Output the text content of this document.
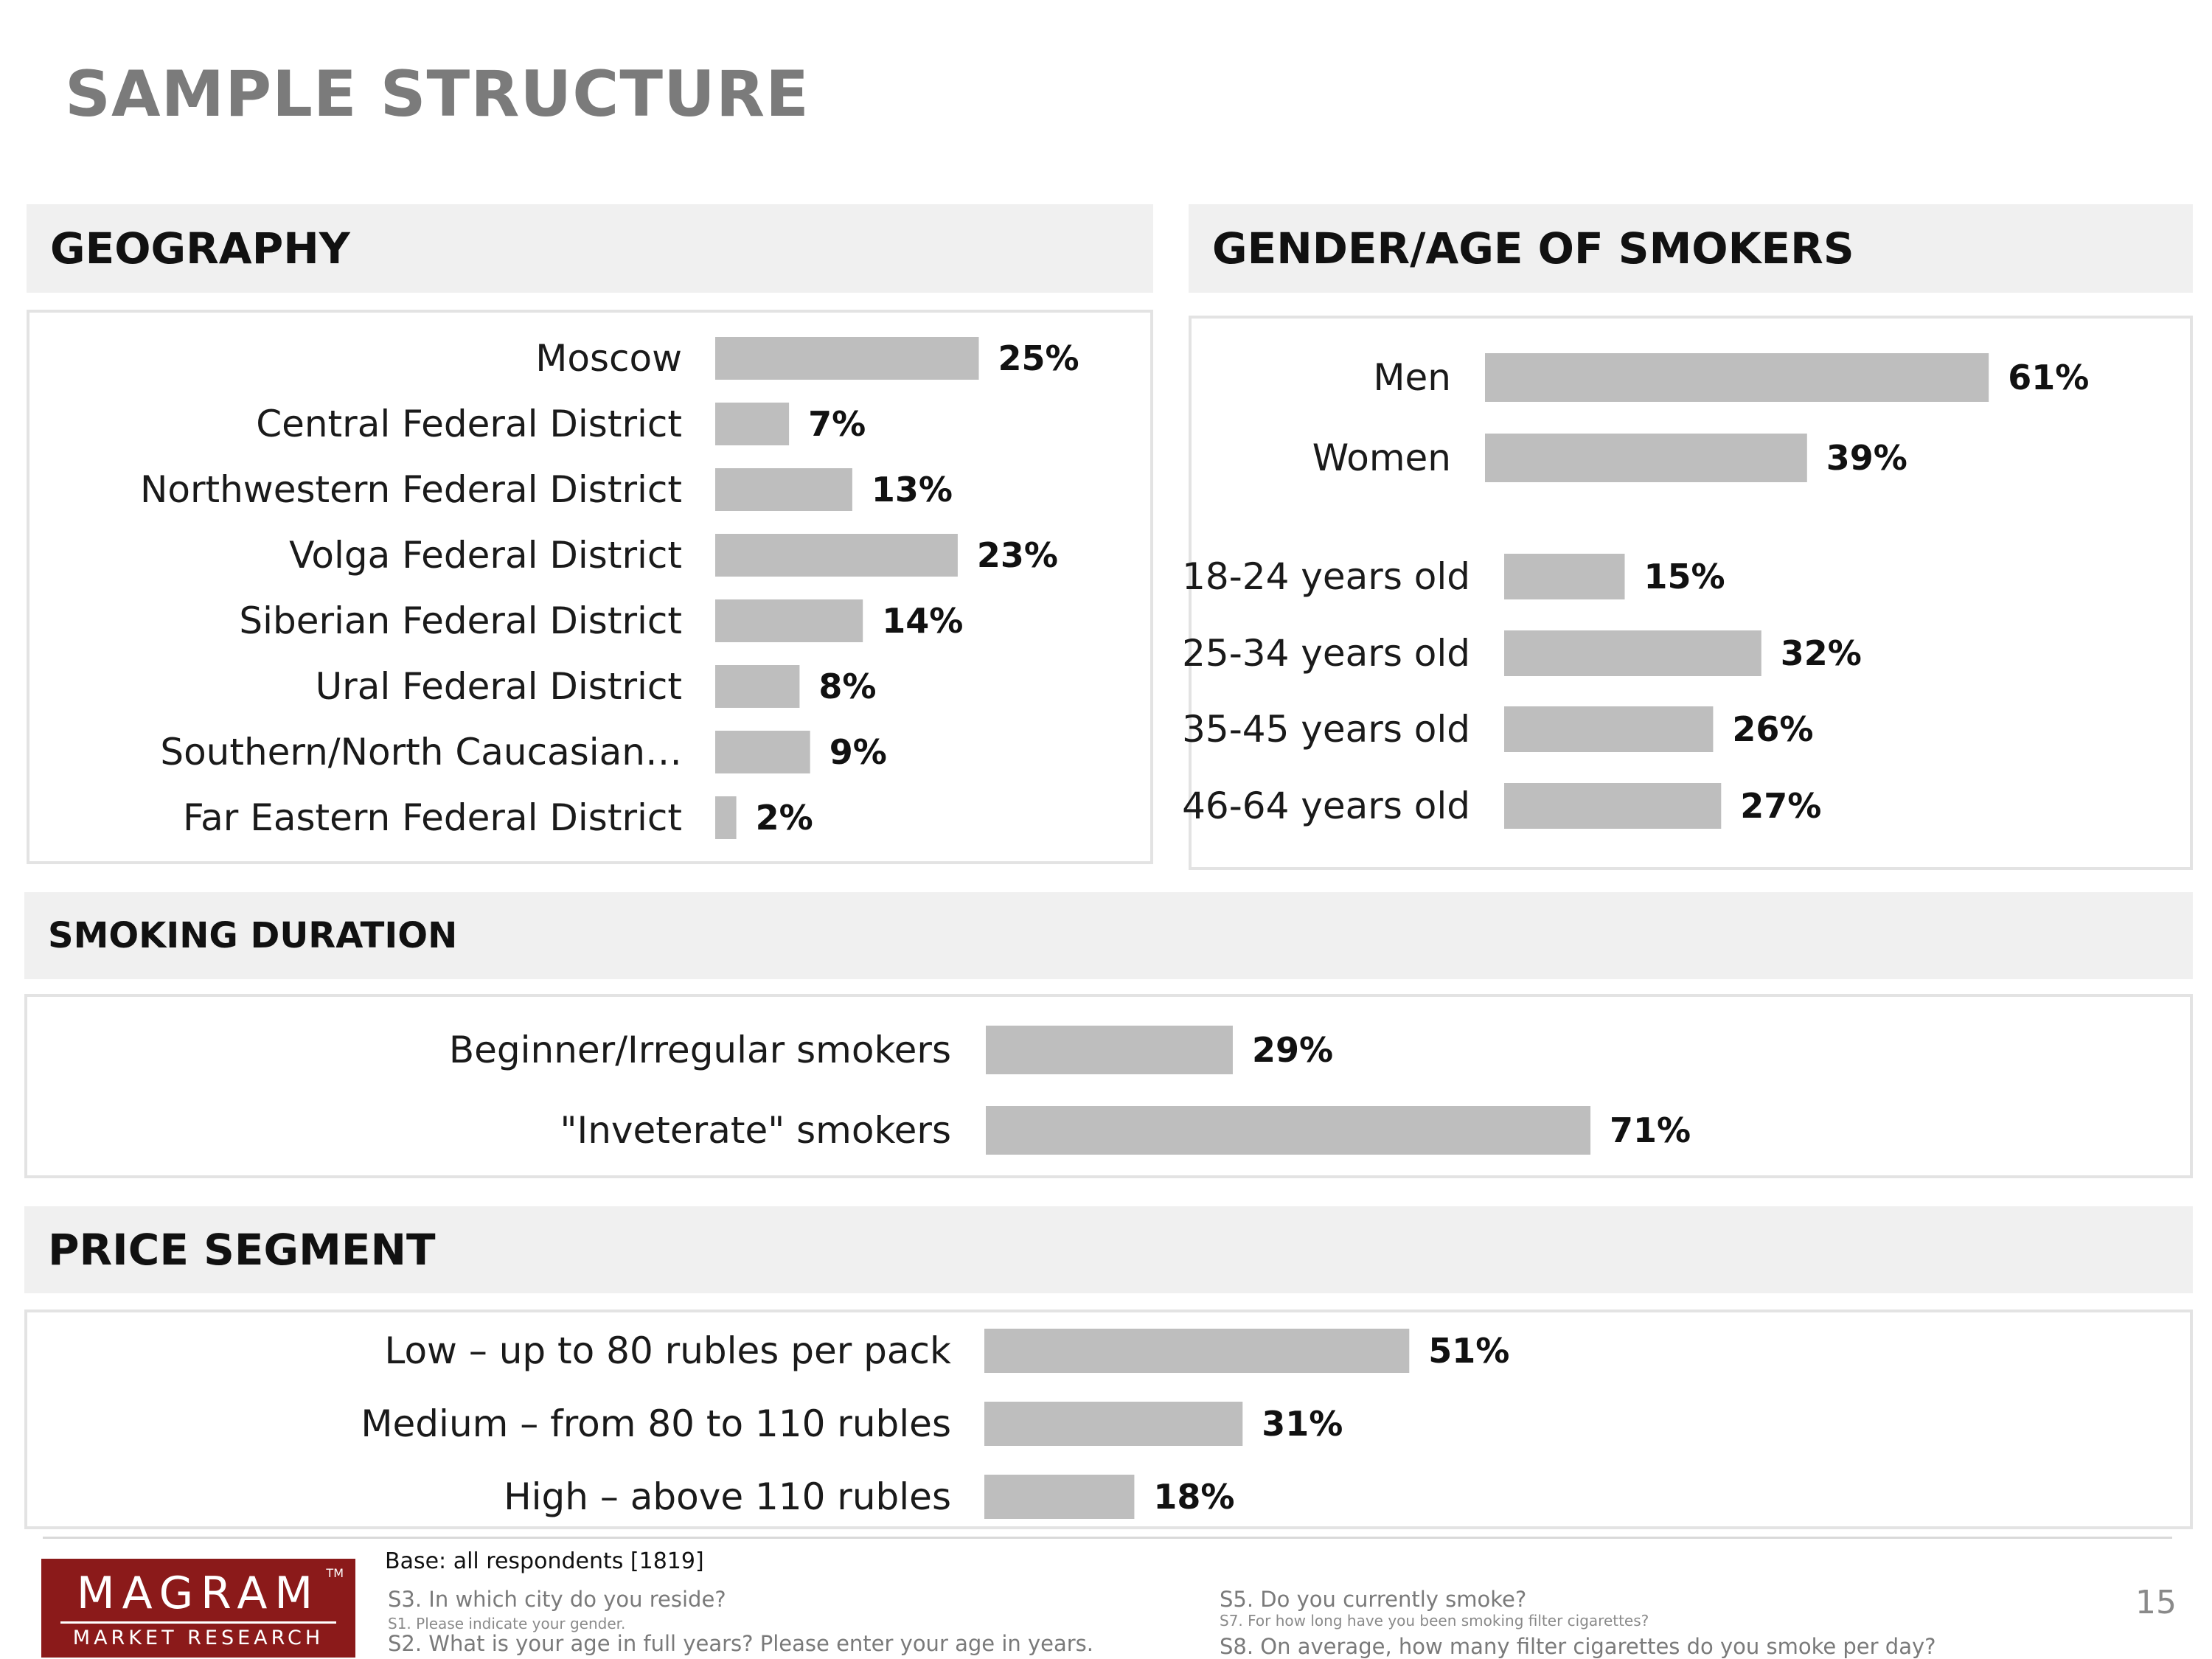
SAMPLE STRUCTURE
GEOGRAPHY	GENDER/AGE OF SMOKERS
SMOKING DURATION
PRICE SEGMENT
Moscow	25%
Central Federal District	7%
Northwestern Federal District	13%
Volga Federal District	23%
Siberian Federal District	14%
Ural Federal District	8%
Southern/North Caucasian…	9%
Far Eastern Federal District 2%
Men	61%
Women	39%
18-24 years old	15%
25-34 years old	32%
35-45 years old	26%
46-64 years old	27%
Beginner/Irregular smokers	29%
"Inveterate" smokers	71%
Low – up to 80 rubles per pack	51%
Medium – from 80 to 110 rubles	31%
High – above 110 rubles	18%
MAGRAM TM
MARKET RESEARCH
Base: all respondents [1819]
S3. In which city do you reside?
S1. Please indicate your gender.
S2. What is your age in full years? Please enter your age in years.
S5. Do you currently smoke?
S7. For how long have you been smoking filter cigarettes?
S8. On average, how many filter cigarettes do you smoke per day?
15
